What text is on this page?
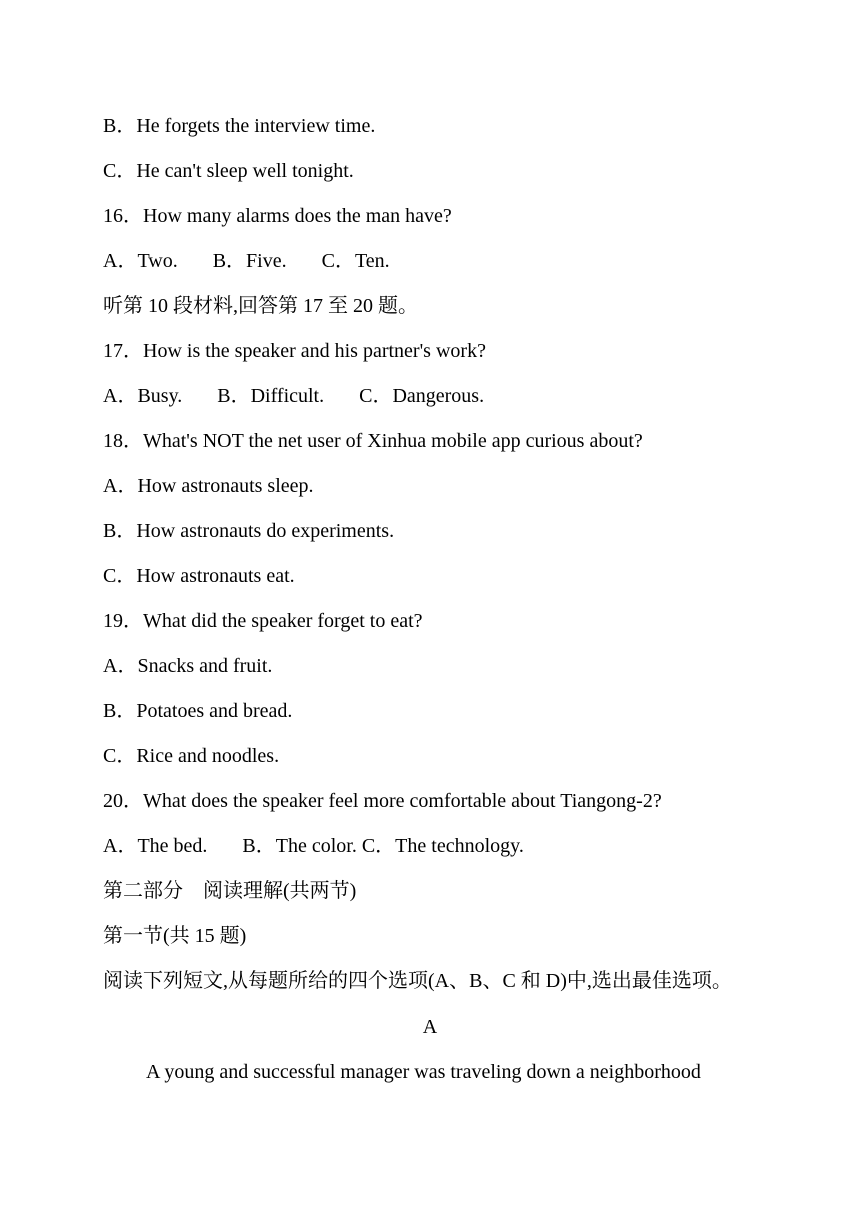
B．He forgets the interview time.
C．He can't sleep well tonight.
16．How many alarms does the man have?
A．Two.       B．Five.       C．Ten.
听第 10 段材料,回答第 17 至 20 题。
17．How is the speaker and his partner's work?
A．Busy.       B．Difficult.       C．Dangerous.
18．What's NOT the net user of Xinhua mobile app curious about?
A．How astronauts sleep.
B．How astronauts do experiments.
C．How astronauts eat.
19．What did the speaker forget to eat?
A．Snacks and fruit.
B．Potatoes and bread.
C．Rice and noodles.
20．What does the speaker feel more comfortable about Tiangong-2?
A．The bed.       B．The color. C．The technology.
第二部分    阅读理解(共两节)
第一节(共 15 题)
阅读下列短文,从每题所给的四个选项(A、B、C 和 D)中,选出最佳选项。
A
A young and successful manager was traveling down a neighborhood
